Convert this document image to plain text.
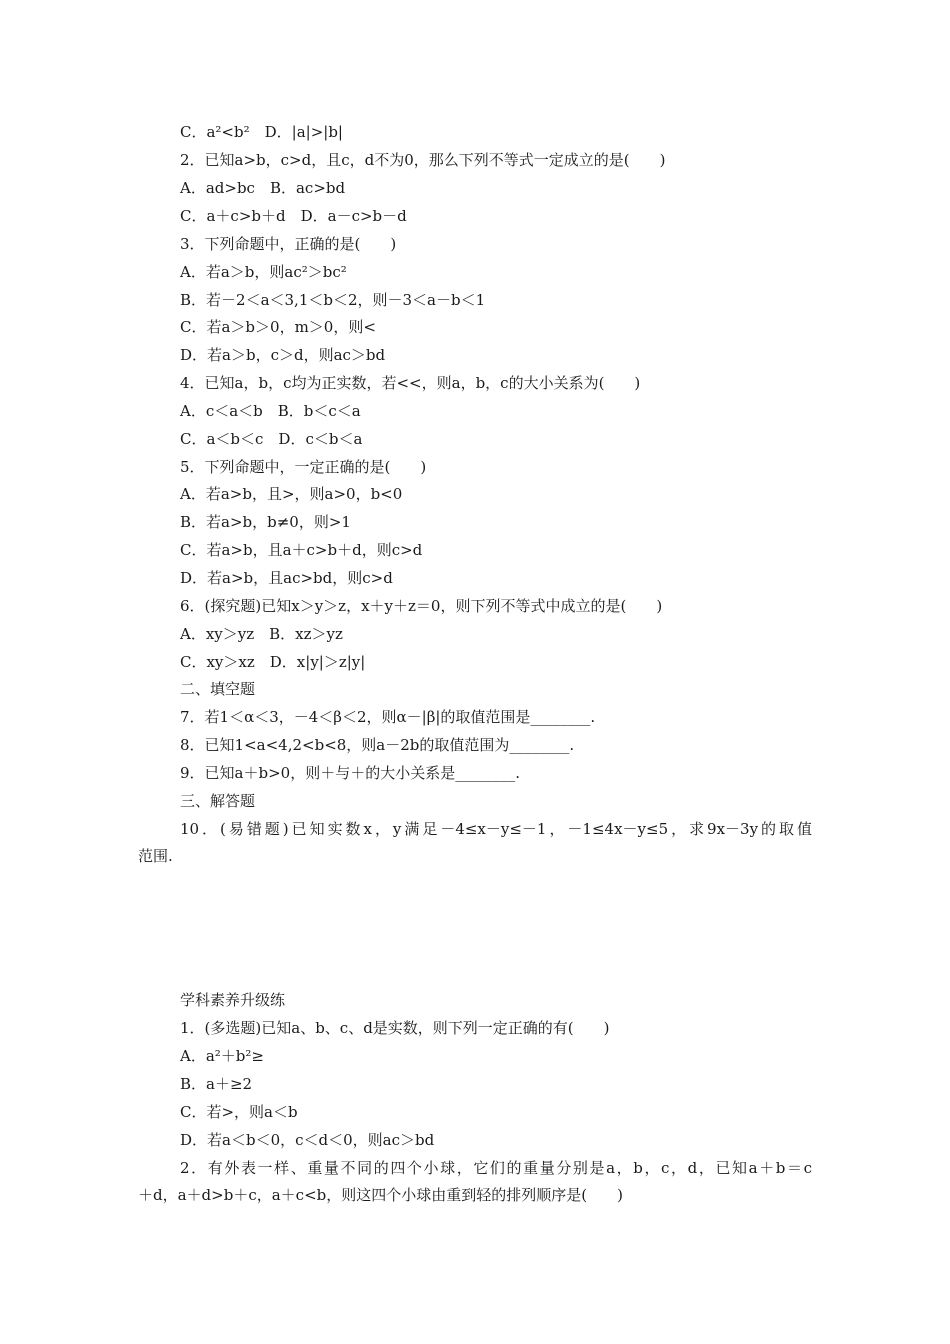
C．a²<b²　D．|a|>|b|
2．已知a>b，c>d，且c，d不为0，那么下列不等式一定成立的是(　　)
A．ad>bc　B．ac>bd
C．a＋c>b＋d　D．a－c>b－d
3．下列命题中，正确的是(　　)
A．若a＞b，则ac²＞bc²
B．若－2＜a＜3,1＜b＜2，则－3＜a－b＜1
C．若a＞b＞0，m＞0，则<
D．若a＞b，c＞d，则ac＞bd
4．已知a，b，c均为正实数，若<<，则a，b，c的大小关系为(　　)
A．c＜a＜b　B．b＜c＜a
C．a＜b＜c　D．c＜b＜a
5．下列命题中，一定正确的是(　　)
A．若a>b，且>，则a>0，b<0
B．若a>b，b≠0，则>1
C．若a>b，且a＋c>b＋d，则c>d
D．若a>b，且ac>bd，则c>d
6．(探究题)已知x＞y＞z，x＋y＋z＝0，则下列不等式中成立的是(　　)
A．xy＞yz　B．xz＞yz
C．xy＞xz　D．x|y|＞z|y|
二、填空题
7．若1＜α＜3，－4＜β＜2，则α－|β|的取值范围是________.
8．已知1<a<4,2<b<8，则a－2b的取值范围为________.
9．已知a＋b>0，则＋与＋的大小关系是________.
三、解答题
10．(易错题)已知实数x，y满足－4≤x－y≤－1，－1≤4x－y≤5，求9x－3y的取值
范围.
学科素养升级练
1．(多选题)已知a、b、c、d是实数，则下列一定正确的有(　　)
A．a²＋b²≥
B．a＋≥2
C．若>，则a＜b
D．若a＜b＜0，c＜d＜0，则ac＞bd
2．有外表一样、重量不同的四个小球，它们的重量分别是a，b，c，d，已知a＋b＝c
＋d，a＋d>b＋c，a＋c<b，则这四个小球由重到轻的排列顺序是(　　)
